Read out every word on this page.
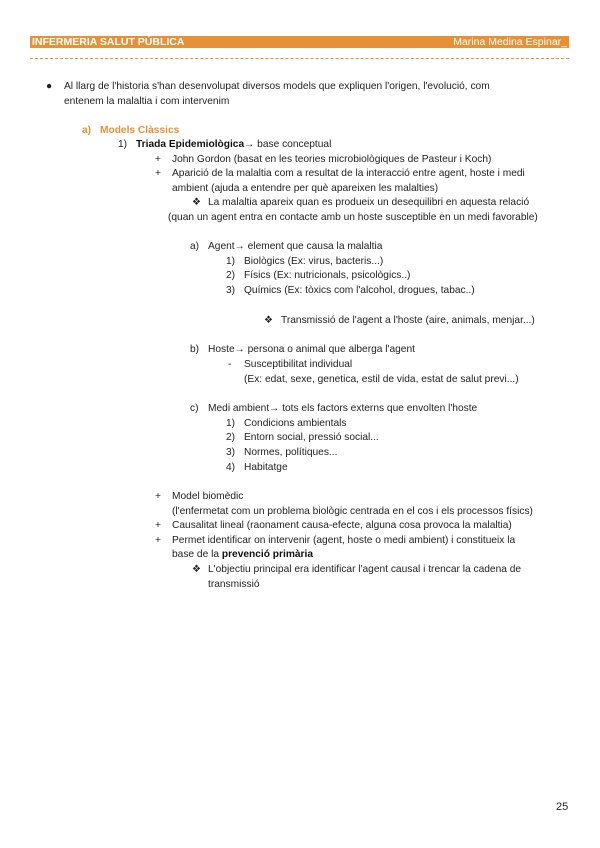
INFERMERIA SALUT PÚBLICA	Marina Medina Espinar_
● Al llarg de l'historia s'han desenvolupat diversos models que expliquen l'origen, l'evolució, com
entenem la malaltia i com intervenim
a) Models Clàssics
1) Triada Epidemiològica→ base conceptual
+ John Gordon (basat en les teories microbiològiques de Pasteur i Koch)
+ Aparició de la malaltia com a resultat de la interacció entre agent, hoste i medi
ambient (ajuda a entendre per què apareixen les malalties)
❖ La malaltia apareix quan es produeix un desequilibri en aquesta relació
(quan un agent entra en contacte amb un hoste susceptible en un medi favorable)
a) Agent→ element que causa la malaltia
1) Biològics (Ex: virus, bacteris...)
2) Físics (Ex: nutricionals, psicològics..)
3) Químics (Ex: tòxics com l'alcohol, drogues, tabac..)
❖ Transmissió de l'agent a l'hoste (aire, animals, menjar...)
b) Hoste→ persona o animal que alberga l'agent
- Susceptibilitat individual
(Ex: edat, sexe, genetica, estil de vida, estat de salut previ...)
c) Medi ambient→ tots els factors externs que envolten l'hoste
1) Condicions ambientals
2) Entorn social, pressió social...
3) Normes, polítiques...
4) Habitatge
+ Model biomèdic
(l'enfermetat com un problema biològic centrada en el cos i els processos físics)
+ Causalitat lineal (raonament causa-efecte, alguna cosa provoca la malaltia)
+ Permet identificar on intervenir (agent, hoste o medi ambient) i constitueix la
base de la prevenció primària
❖ L'objectiu principal era identificar l'agent causal i trencar la cadena de
transmissió
25
